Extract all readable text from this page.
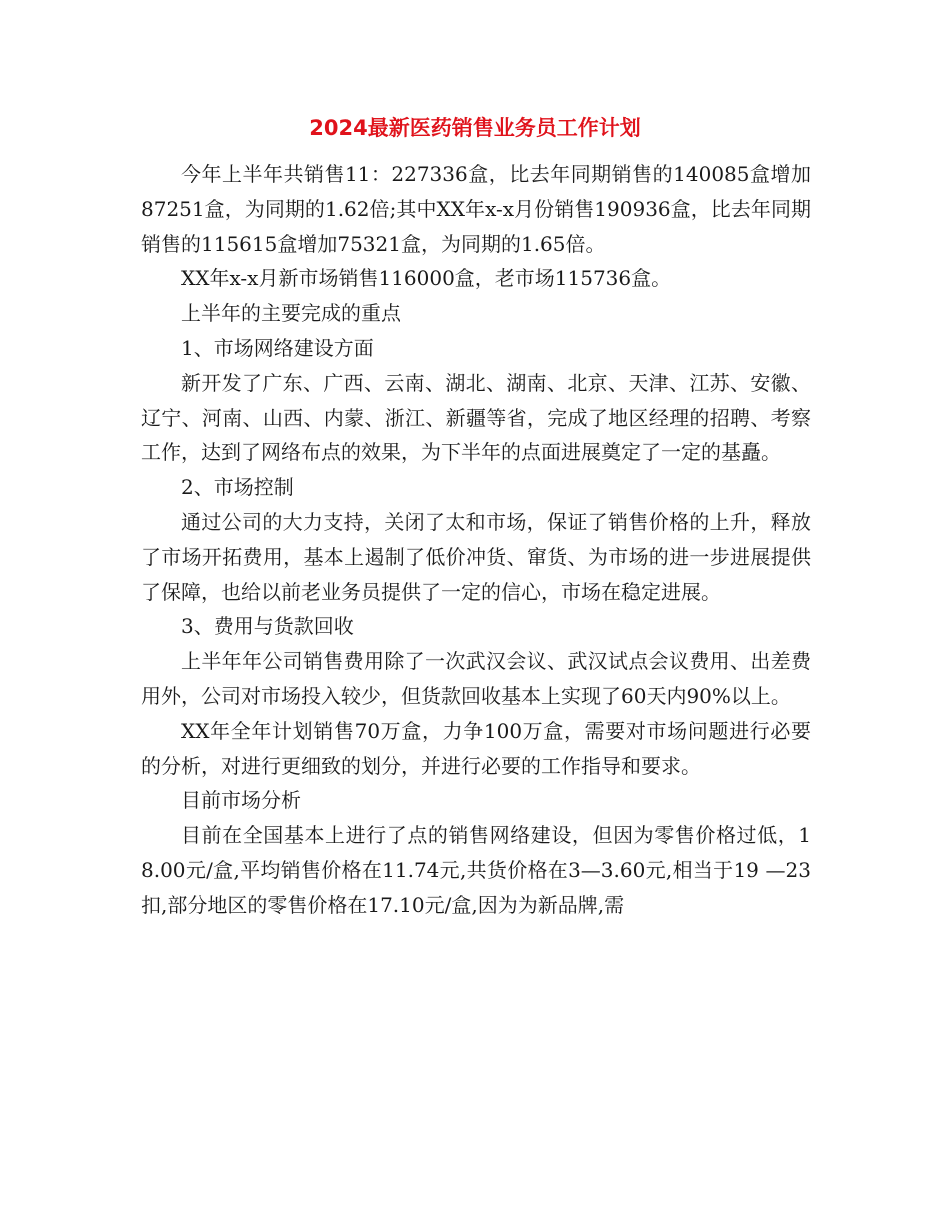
2024最新医药销售业务员工作计划

今年上半年共销售11：227336盒，比去年同期销售的140085盒增加87251盒，为同期的1.62倍;其中XX年x-x月份销售190936盒，比去年同期销售的115615盒增加75321盒，为同期的1.65倍。

XX年x-x月新市场销售116000盒，老市场115736盒。

上半年的主要完成的重点

1、市场网络建设方面

新开发了广东、广西、云南、湖北、湖南、北京、天津、江苏、安徽、辽宁、河南、山西、内蒙、浙江、新疆等省，完成了地区经理的招聘、考察工作，达到了网络布点的效果，为下半年的点面进展奠定了一定的基矗。

2、市场控制

通过公司的大力支持，关闭了太和市场，保证了销售价格的上升，释放了市场开拓费用，基本上遏制了低价冲货、窜货、为市场的进一步进展提供了保障，也给以前老业务员提供了一定的信心，市场在稳定进展。

3、费用与货款回收

上半年年公司销售费用除了一次武汉会议、武汉试点会议费用、出差费用外，公司对市场投入较少，但货款回收基本上实现了60天内90%以上。

XX年全年计划销售70万盒，力争100万盒，需要对市场问题进行必要的分析，对进行更细致的划分，并进行必要的工作指导和要求。

目前市场分析

目前在全国基本上进行了点的销售网络建设，但因为零售价格过低，18.00元/盒,平均销售价格在11.74元,共货价格在3—3.60元,相当于19 —23扣,部分地区的零售价格在17.10元/盒,因为为新品牌,需
